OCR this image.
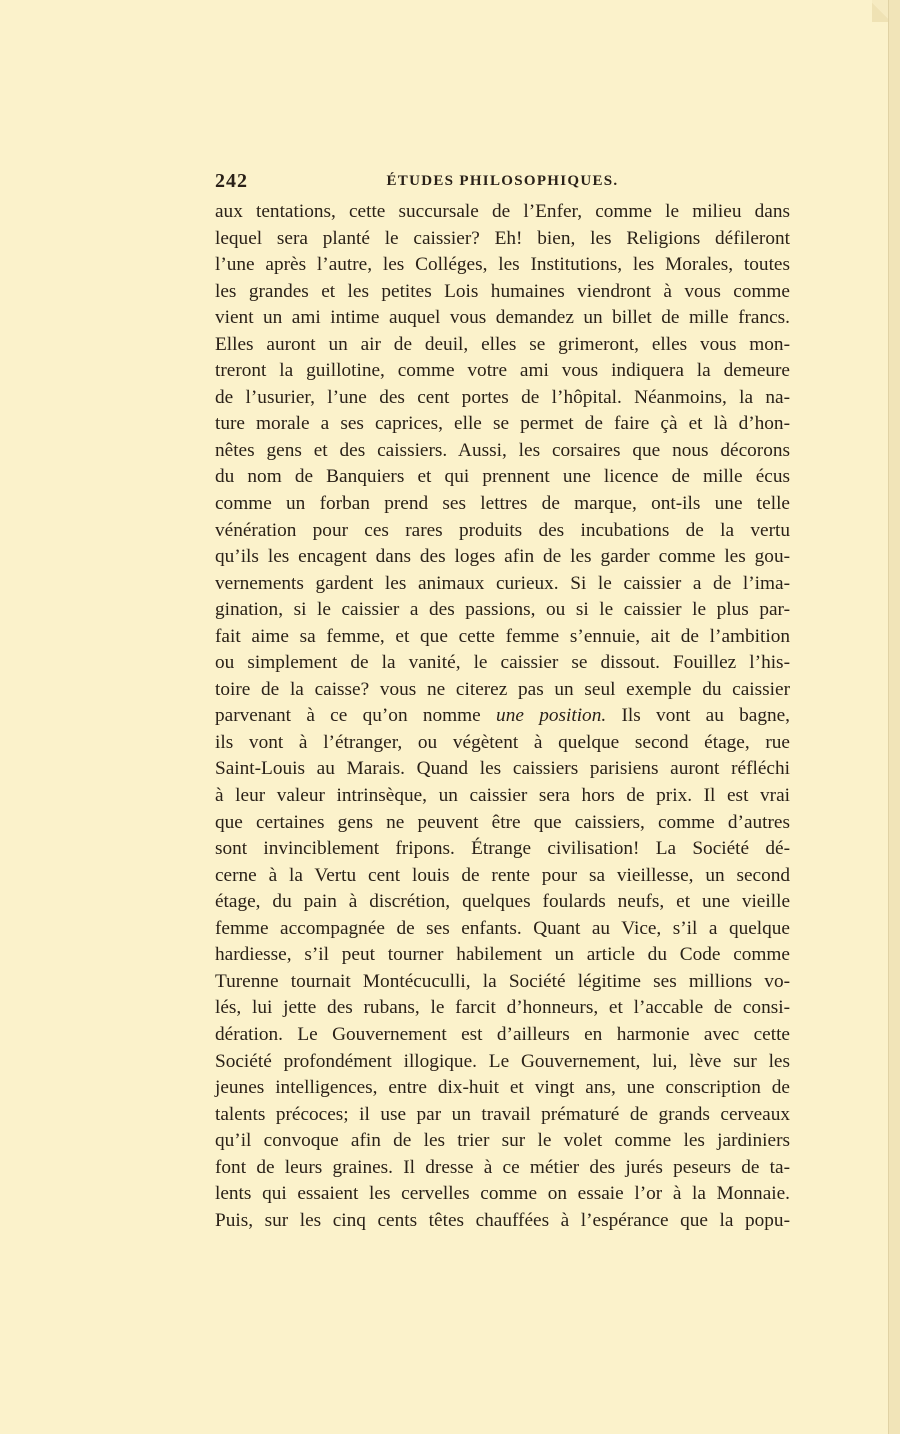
242	ÉTUDES PHILOSOPHIQUES.
aux tentations, cette succursale de l’Enfer, comme le milieu dans
lequel sera planté le caissier? Eh! bien, les Religions défileront
l’une après l’autre, les Colléges, les Institutions, les Morales, toutes
les grandes et les petites Lois humaines viendront à vous comme
vient un ami intime auquel vous demandez un billet de mille francs.
Elles auront un air de deuil, elles se grimeront, elles vous mon-
treront la guillotine, comme votre ami vous indiquera la demeure
de l’usurier, l’une des cent portes de l’hôpital. Néanmoins, la na-
ture morale a ses caprices, elle se permet de faire çà et là d’hon-
nêtes gens et des caissiers. Aussi, les corsaires que nous décorons
du nom de Banquiers et qui prennent une licence de mille écus
comme un forban prend ses lettres de marque, ont-ils une telle
vénération pour ces rares produits des incubations de la vertu
qu’ils les encagent dans des loges afin de les garder comme les gou-
vernements gardent les animaux curieux. Si le caissier a de l’ima-
gination, si le caissier a des passions, ou si le caissier le plus par-
fait aime sa femme, et que cette femme s’ennuie, ait de l’ambition
ou simplement de la vanité, le caissier se dissout. Fouillez l’his-
toire de la caisse? vous ne citerez pas un seul exemple du caissier
parvenant à ce qu’on nomme une position. Ils vont au bagne,
ils vont à l’étranger, ou végètent à quelque second étage, rue
Saint-Louis au Marais. Quand les caissiers parisiens auront réfléchi
à leur valeur intrinsèque, un caissier sera hors de prix. Il est vrai
que certaines gens ne peuvent être que caissiers, comme d’autres
sont invinciblement fripons. Étrange civilisation! La Société dé-
cerne à la Vertu cent louis de rente pour sa vieillesse, un second
étage, du pain à discrétion, quelques foulards neufs, et une vieille
femme accompagnée de ses enfants. Quant au Vice, s’il a quelque
hardiesse, s’il peut tourner habilement un article du Code comme
Turenne tournait Montécuculli, la Société légitime ses millions vo-
lés, lui jette des rubans, le farcit d’honneurs, et l’accable de consi-
dération. Le Gouvernement est d’ailleurs en harmonie avec cette
Société profondément illogique. Le Gouvernement, lui, lève sur les
jeunes intelligences, entre dix-huit et vingt ans, une conscription de
talents précoces; il use par un travail prématuré de grands cerveaux
qu’il convoque afin de les trier sur le volet comme les jardiniers
font de leurs graines. Il dresse à ce métier des jurés peseurs de ta-
lents qui essaient les cervelles comme on essaie l’or à la Monnaie.
Puis, sur les cinq cents têtes chauffées à l’espérance que la popu-
